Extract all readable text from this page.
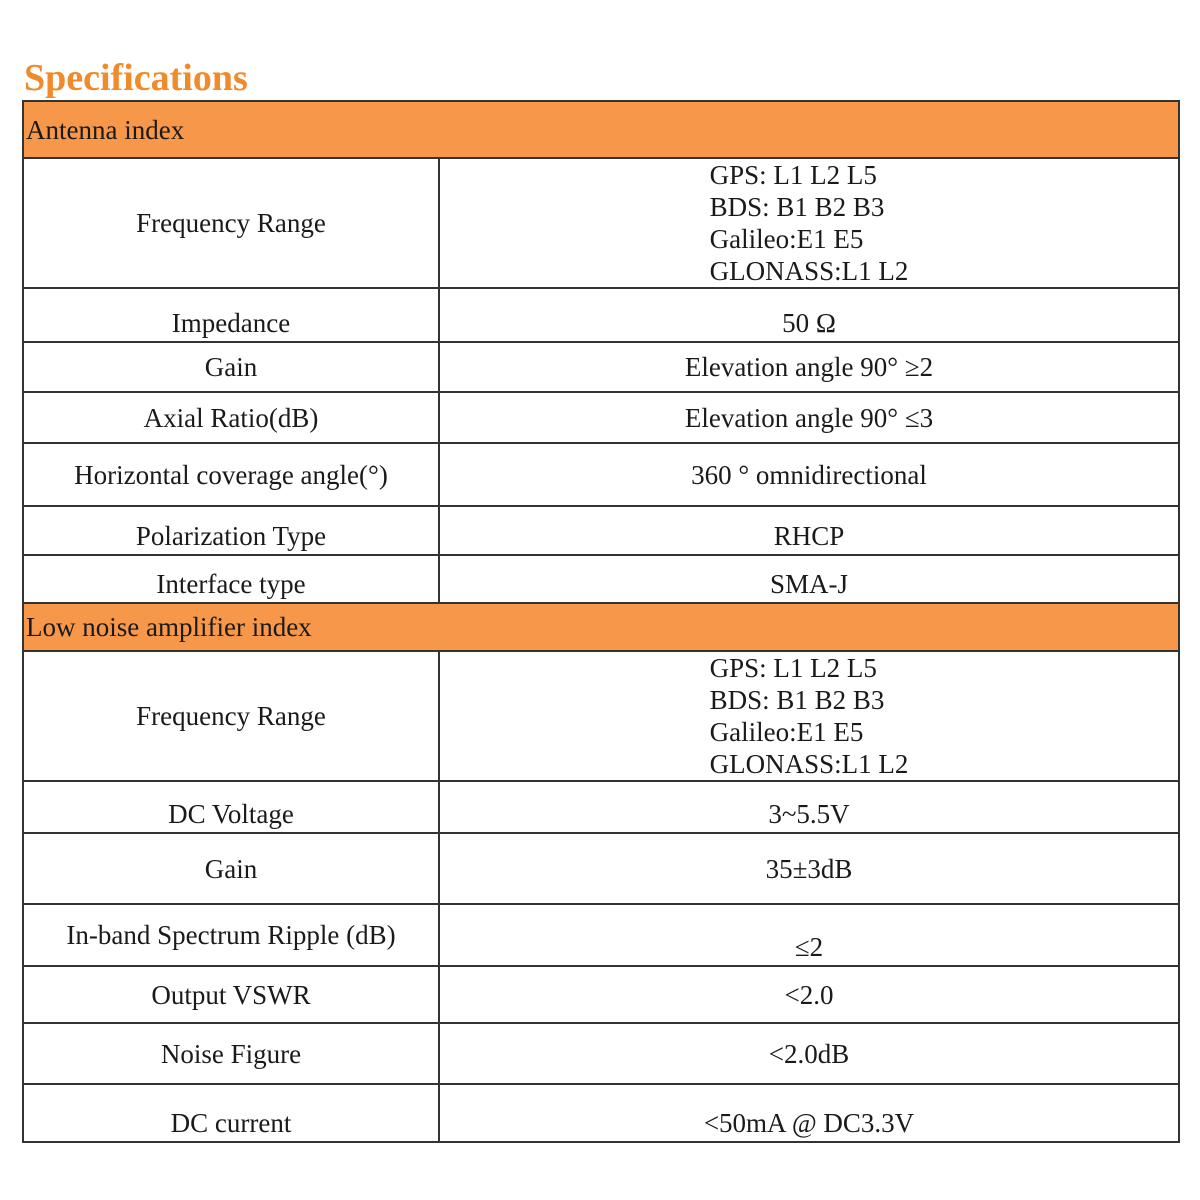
Specifications
Antenna index	
Frequency Range	GPS: L1 L2 L5
BDS: B1 B2 B3
Galileo:E1 E5
GLONASS:L1 L2

Impedance	50 Ω
Gain	Elevation angle 90° ≥2
Axial Ratio(dB)	Elevation angle 90° ≤3
Horizontal coverage angle(°)	360 ° omnidirectional
Polarization Type	RHCP
Interface type	SMA-J
Low noise amplifier index	
Frequency Range	GPS: L1 L2 L5
BDS: B1 B2 B3
Galileo:E1 E5
GLONASS:L1 L2

DC Voltage	3~5.5V
Gain	35±3dB
In-band Spectrum Ripple (dB)	≤2
Output VSWR	<2.0
Noise Figure	<2.0dB
DC current	<50mA @ DC3.3V
